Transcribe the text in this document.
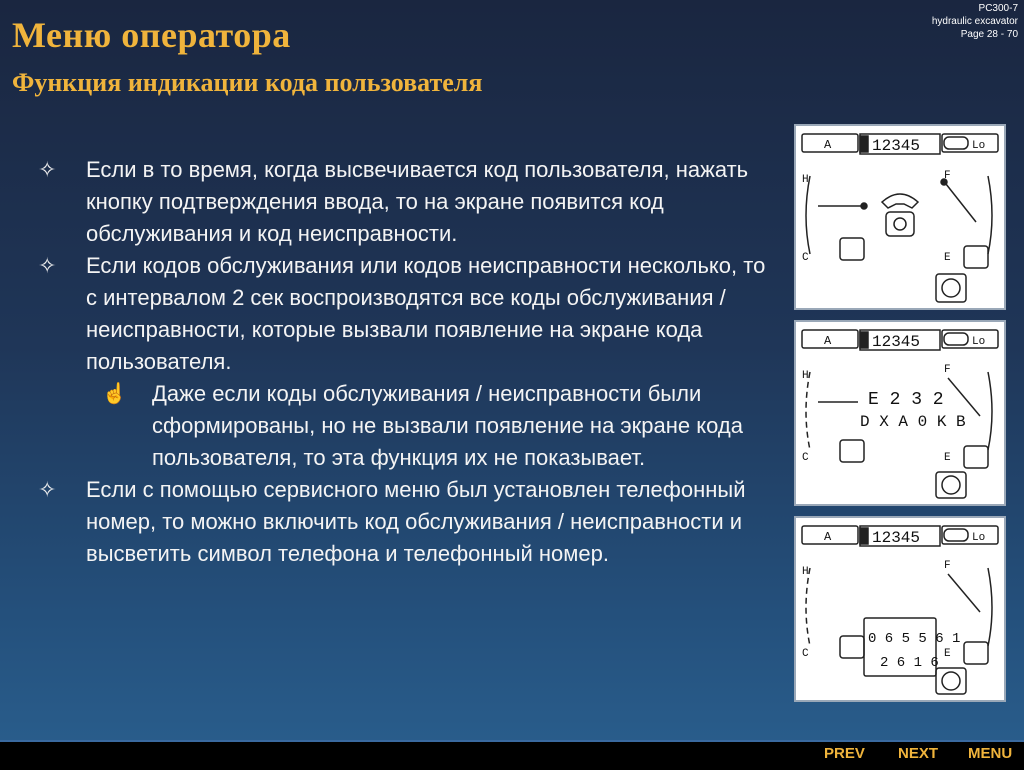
Меню оператора
Функция индикации кода пользователя
PC300-7
hydraulic excavator
Page 28 - 70
✧	Если в то время, когда высвечивается код пользователя, нажать кнопку подтверждения ввода, то на экране появится код обслуживания и код неисправности.
✧	Если кодов обслуживания или кодов неисправности несколько, то с интервалом 2 сек воспроизводятся все коды обслуживания / неисправности, которые вызвали появление на экране кода пользователя.
☝ Даже если коды обслуживания / неисправности были сформированы, но не вызвали появление на экране кода пользователя, то эта функция их не показывает.
✧	Если с помощью сервисного меню был установлен телефонный номер, то можно включить код обслуживания / неисправности и высветить символ телефона и телефонный номер.
A	12345	Lo
H
C
F
E
A	12345	Lo
H
C
F
E
E 2 3 2
D X A 0 K B
A	12345	Lo
H
C
F
E
0 6 5 5 6 1
2 6 1 6
PREV NEXT MENU
